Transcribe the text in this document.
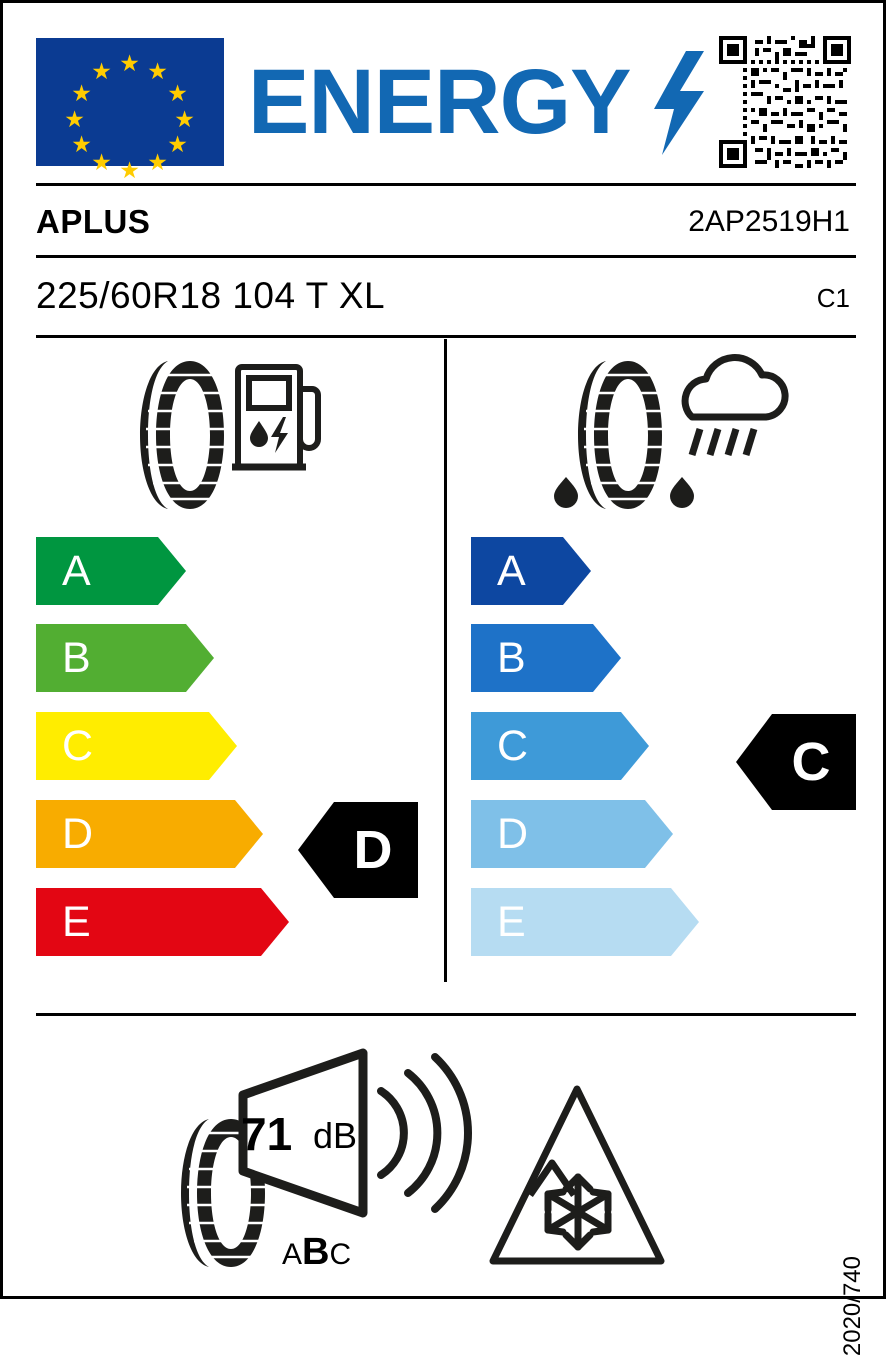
★
★ ★
★	★
★	★
★	★
★ ★
★
ENERGY
APLUS	2AP2519H1
225/60R18 104 T XL	C1
A
B
C
D
E
D
A
B
C
D
E
C
71 dB
ABC
2020/740
